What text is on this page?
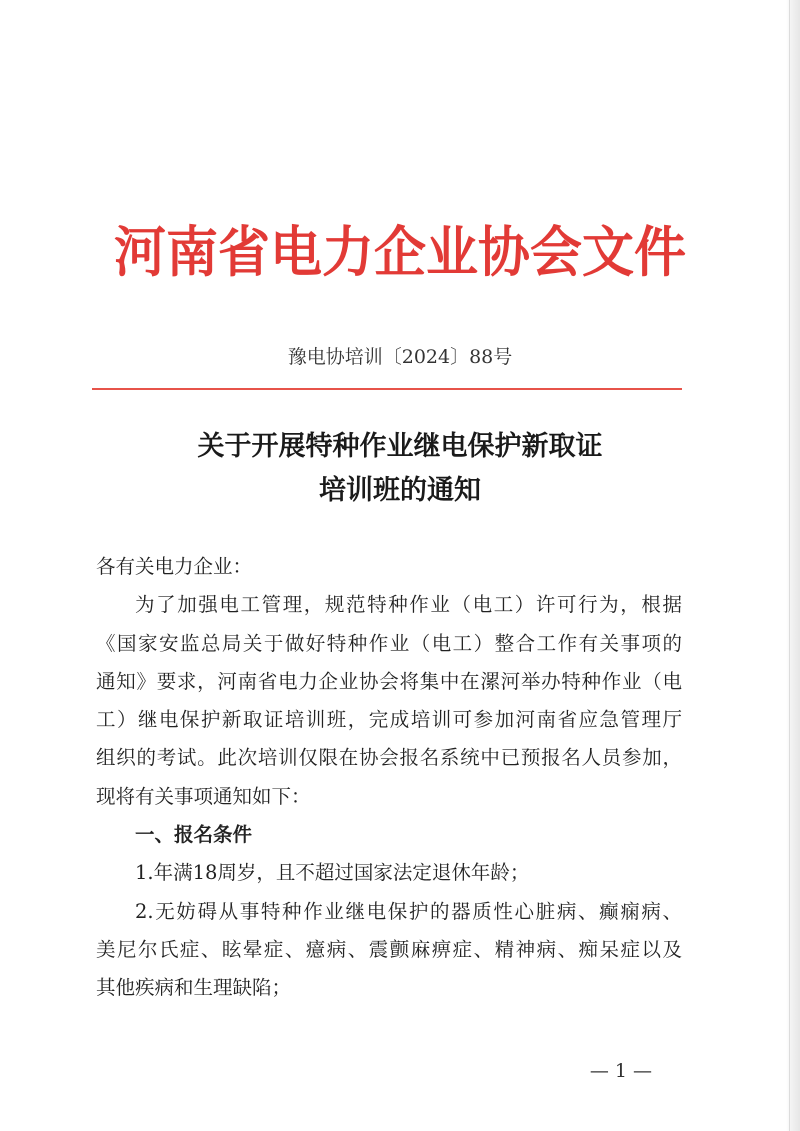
河南省电力企业协会文件
豫电协培训〔2024〕88号
关于开展特种作业继电保护新取证
培训班的通知

各有关电力企业：

为了加强电工管理，规范特种作业（电工）许可行为，根据

《国家安监总局关于做好特种作业（电工）整合工作有关事项的

通知》要求，河南省电力企业协会将集中在漯河举办特种作业（电

工）继电保护新取证培训班，完成培训可参加河南省应急管理厅

组织的考试。此次培训仅限在协会报名系统中已预报名人员参加，

现将有关事项通知如下：

一、报名条件

1.年满18周岁，且不超过国家法定退休年龄；

2.无妨碍从事特种作业继电保护的器质性心脏病、癫痫病、

美尼尔氏症、眩晕症、癔病、震颤麻痹症、精神病、痴呆症以及

其他疾病和生理缺陷；

— 1 —
